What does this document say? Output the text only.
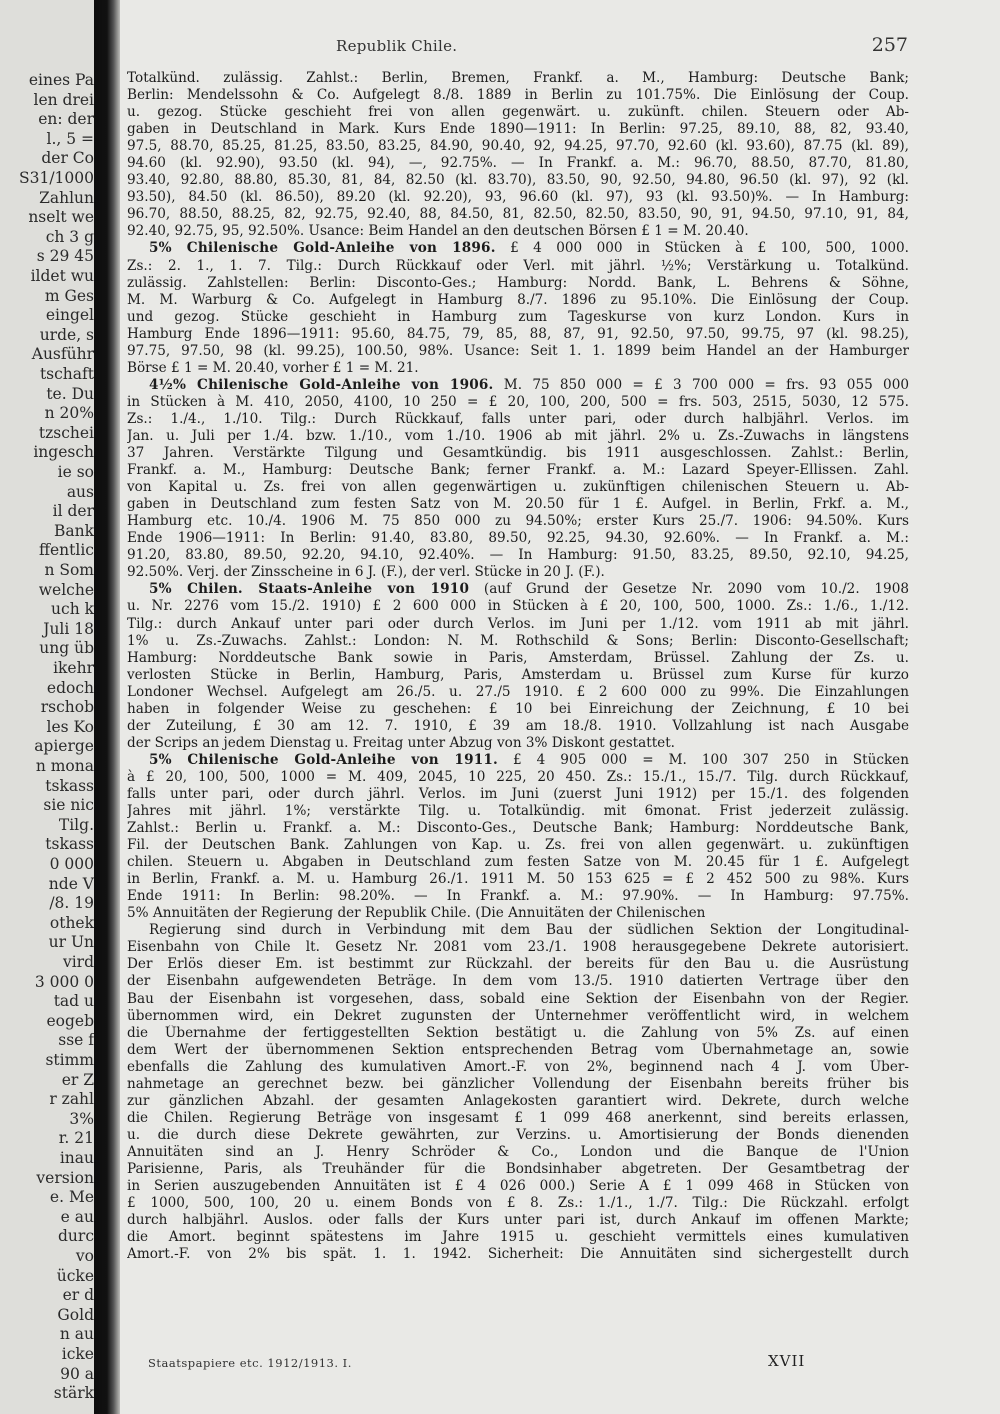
eines Pa
len drei
en: der
l., 5 =
der Co
S31/1000
Zahlun
nselt we
ch 3 g
s 29 45
ildet wu
m Ges
eingel
urde, s
Ausführ
tschaft
te. Du
n 20%
tzschei
ingesch
ie so
aus
il der
Bank
ffentlic
n Som
welche
uch k
Juli 18
ung üb
ikehr
edoch
rschob
les Ko
apierge
n mona
tskass
sie nic
Tilg.
tskass
0 000
nde V
/8. 19
othek
ur Un
vird
3 000 0
tad u
eogeb
sse f
stimm
er Z
r zahl
3%
r. 21
inau
version
e. Me
e au
durc
vo
ücke
er d
Gold
n au
icke
90 a
stärk
Republik Chile.	257
Totalkünd. zulässig. Zahlst.: Berlin, Bremen, Frankf. a. M., Hamburg: Deutsche Bank;
Berlin: Mendelssohn & Co. Aufgelegt 8./8. 1889 in Berlin zu 101.75%. Die Einlösung der Coup.
u. gezog. Stücke geschieht frei von allen gegenwärt. u. zukünft. chilen. Steuern oder Ab-
gaben in Deutschland in Mark. Kurs Ende 1890—1911: In Berlin: 97.25, 89.10, 88, 82, 93.40,
97.5, 88.70, 85.25, 81.25, 83.50, 83.25, 84.90, 90.40, 92, 94.25, 97.70, 92.60 (kl. 93.60), 87.75 (kl. 89),
94.60 (kl. 92.90), 93.50 (kl. 94), —, 92.75%. — In Frankf. a. M.: 96.70, 88.50, 87.70, 81.80,
93.40, 92.80, 88.80, 85.30, 81, 84, 82.50 (kl. 83.70), 83.50, 90, 92.50, 94.80, 96.50 (kl. 97), 92 (kl.
93.50), 84.50 (kl. 86.50), 89.20 (kl. 92.20), 93, 96.60 (kl. 97), 93 (kl. 93.50)%. — In Hamburg:
96.70, 88.50, 88.25, 82, 92.75, 92.40, 88, 84.50, 81, 82.50, 82.50, 83.50, 90, 91, 94.50, 97.10, 91, 84,
92.40, 92.75, 95, 92.50%. Usance: Beim Handel an den deutschen Börsen £ 1 = M. 20.40.
5% Chilenische Gold-Anleihe von 1896. £ 4 000 000 in Stücken à £ 100, 500, 1000.
Zs.: 2. 1., 1. 7. Tilg.: Durch Rückkauf oder Verl. mit jährl. ½%; Verstärkung u. Totalkünd.
zulässig. Zahlstellen: Berlin: Disconto-Ges.; Hamburg: Nordd. Bank, L. Behrens & Söhne,
M. M. Warburg & Co. Aufgelegt in Hamburg 8./7. 1896 zu 95.10%. Die Einlösung der Coup.
und gezog. Stücke geschieht in Hamburg zum Tageskurse von kurz London. Kurs in
Hamburg Ende 1896—1911: 95.60, 84.75, 79, 85, 88, 87, 91, 92.50, 97.50, 99.75, 97 (kl. 98.25),
97.75, 97.50, 98 (kl. 99.25), 100.50, 98%. Usance: Seit 1. 1. 1899 beim Handel an der Hamburger
Börse £ 1 = M. 20.40, vorher £ 1 = M. 21.
4½% Chilenische Gold-Anleihe von 1906. M. 75 850 000 = £ 3 700 000 = frs. 93 055 000
in Stücken à M. 410, 2050, 4100, 10 250 = £ 20, 100, 200, 500 = frs. 503, 2515, 5030, 12 575.
Zs.: 1./4., 1./10. Tilg.: Durch Rückkauf, falls unter pari, oder durch halbjährl. Verlos. im
Jan. u. Juli per 1./4. bzw. 1./10., vom 1./10. 1906 ab mit jährl. 2% u. Zs.-Zuwachs in längstens
37 Jahren. Verstärkte Tilgung und Gesamtkündig. bis 1911 ausgeschlossen. Zahlst.: Berlin,
Frankf. a. M., Hamburg: Deutsche Bank; ferner Frankf. a. M.: Lazard Speyer-Ellissen. Zahl.
von Kapital u. Zs. frei von allen gegenwärtigen u. zukünftigen chilenischen Steuern u. Ab-
gaben in Deutschland zum festen Satz von M. 20.50 für 1 £. Aufgel. in Berlin, Frkf. a. M.,
Hamburg etc. 10./4. 1906 M. 75 850 000 zu 94.50%; erster Kurs 25./7. 1906: 94.50%. Kurs
Ende 1906—1911: In Berlin: 91.40, 83.80, 89.50, 92.25, 94.30, 92.60%. — In Frankf. a. M.:
91.20, 83.80, 89.50, 92.20, 94.10, 92.40%. — In Hamburg: 91.50, 83.25, 89.50, 92.10, 94.25,
92.50%. Verj. der Zinsscheine in 6 J. (F.), der verl. Stücke in 20 J. (F.).
5% Chilen. Staats-Anleihe von 1910 (auf Grund der Gesetze Nr. 2090 vom 10./2. 1908
u. Nr. 2276 vom 15./2. 1910) £ 2 600 000 in Stücken à £ 20, 100, 500, 1000. Zs.: 1./6., 1./12.
Tilg.: durch Ankauf unter pari oder durch Verlos. im Juni per 1./12. vom 1911 ab mit jährl.
1% u. Zs.-Zuwachs. Zahlst.: London: N. M. Rothschild & Sons; Berlin: Disconto-Gesellschaft;
Hamburg: Norddeutsche Bank sowie in Paris, Amsterdam, Brüssel. Zahlung der Zs. u.
verlosten Stücke in Berlin, Hamburg, Paris, Amsterdam u. Brüssel zum Kurse für kurzo
Londoner Wechsel. Aufgelegt am 26./5. u. 27./5 1910. £ 2 600 000 zu 99%. Die Einzahlungen
haben in folgender Weise zu geschehen: £ 10 bei Einreichung der Zeichnung, £ 10 bei
der Zuteilung, £ 30 am 12. 7. 1910, £ 39 am 18./8. 1910. Vollzahlung ist nach Ausgabe
der Scrips an jedem Dienstag u. Freitag unter Abzug von 3% Diskont gestattet.
5% Chilenische Gold-Anleihe von 1911. £ 4 905 000 = M. 100 307 250 in Stücken
à £ 20, 100, 500, 1000 = M. 409, 2045, 10 225, 20 450. Zs.: 15./1., 15./7. Tilg. durch Rückkauf,
falls unter pari, oder durch jährl. Verlos. im Juni (zuerst Juni 1912) per 15./1. des folgenden
Jahres mit jährl. 1%; verstärkte Tilg. u. Totalkündig. mit 6monat. Frist jederzeit zulässig.
Zahlst.: Berlin u. Frankf. a. M.: Disconto-Ges., Deutsche Bank; Hamburg: Norddeutsche Bank,
Fil. der Deutschen Bank. Zahlungen von Kap. u. Zs. frei von allen gegenwärt. u. zukünftigen
chilen. Steuern u. Abgaben in Deutschland zum festen Satze von M. 20.45 für 1 £. Aufgelegt
in Berlin, Frankf. a. M. u. Hamburg 26./1. 1911 M. 50 153 625 = £ 2 452 500 zu 98%. Kurs
Ende 1911: In Berlin: 98.20%. — In Frankf. a. M.: 97.90%. — In Hamburg: 97.75%.
5% Annuitäten der Regierung der Republik Chile. (Die Annuitäten der Chilenischen
Regierung sind durch in Verbindung mit dem Bau der südlichen Sektion der Longitudinal-
Eisenbahn von Chile lt. Gesetz Nr. 2081 vom 23./1. 1908 herausgegebene Dekrete autorisiert.
Der Erlös dieser Em. ist bestimmt zur Rückzahl. der bereits für den Bau u. die Ausrüstung
der Eisenbahn aufgewendeten Beträge. In dem vom 13./5. 1910 datierten Vertrage über den
Bau der Eisenbahn ist vorgesehen, dass, sobald eine Sektion der Eisenbahn von der Regier.
übernommen wird, ein Dekret zugunsten der Unternehmer veröffentlicht wird, in welchem
die Übernahme der fertiggestellten Sektion bestätigt u. die Zahlung von 5% Zs. auf einen
dem Wert der übernommenen Sektion entsprechenden Betrag vom Übernahmetage an, sowie
ebenfalls die Zahlung des kumulativen Amort.-F. von 2%, beginnend nach 4 J. vom Über-
nahmetage an gerechnet bezw. bei gänzlicher Vollendung der Eisenbahn bereits früher bis
zur gänzlichen Abzahl. der gesamten Anlagekosten garantiert wird. Dekrete, durch welche
die Chilen. Regierung Beträge von insgesamt £ 1 099 468 anerkennt, sind bereits erlassen,
u. die durch diese Dekrete gewährten, zur Verzins. u. Amortisierung der Bonds dienenden
Annuitäten sind an J. Henry Schröder & Co., London und die Banque de l'Union
Parisienne, Paris, als Treuhänder für die Bondsinhaber abgetreten. Der Gesamtbetrag der
in Serien auszugebenden Annuitäten ist £ 4 026 000.) Serie A £ 1 099 468 in Stücken von
£ 1000, 500, 100, 20 u. einem Bonds von £ 8. Zs.: 1./1., 1./7. Tilg.: Die Rückzahl. erfolgt
durch halbjährl. Auslos. oder falls der Kurs unter pari ist, durch Ankauf im offenen Markte;
die Amort. beginnt spätestens im Jahre 1915 u. geschieht vermittels eines kumulativen
Amort.-F. von 2% bis spät. 1. 1. 1942. Sicherheit: Die Annuitäten sind sichergestellt durch
Staatspapiere etc. 1912/1913. I.	XVII
